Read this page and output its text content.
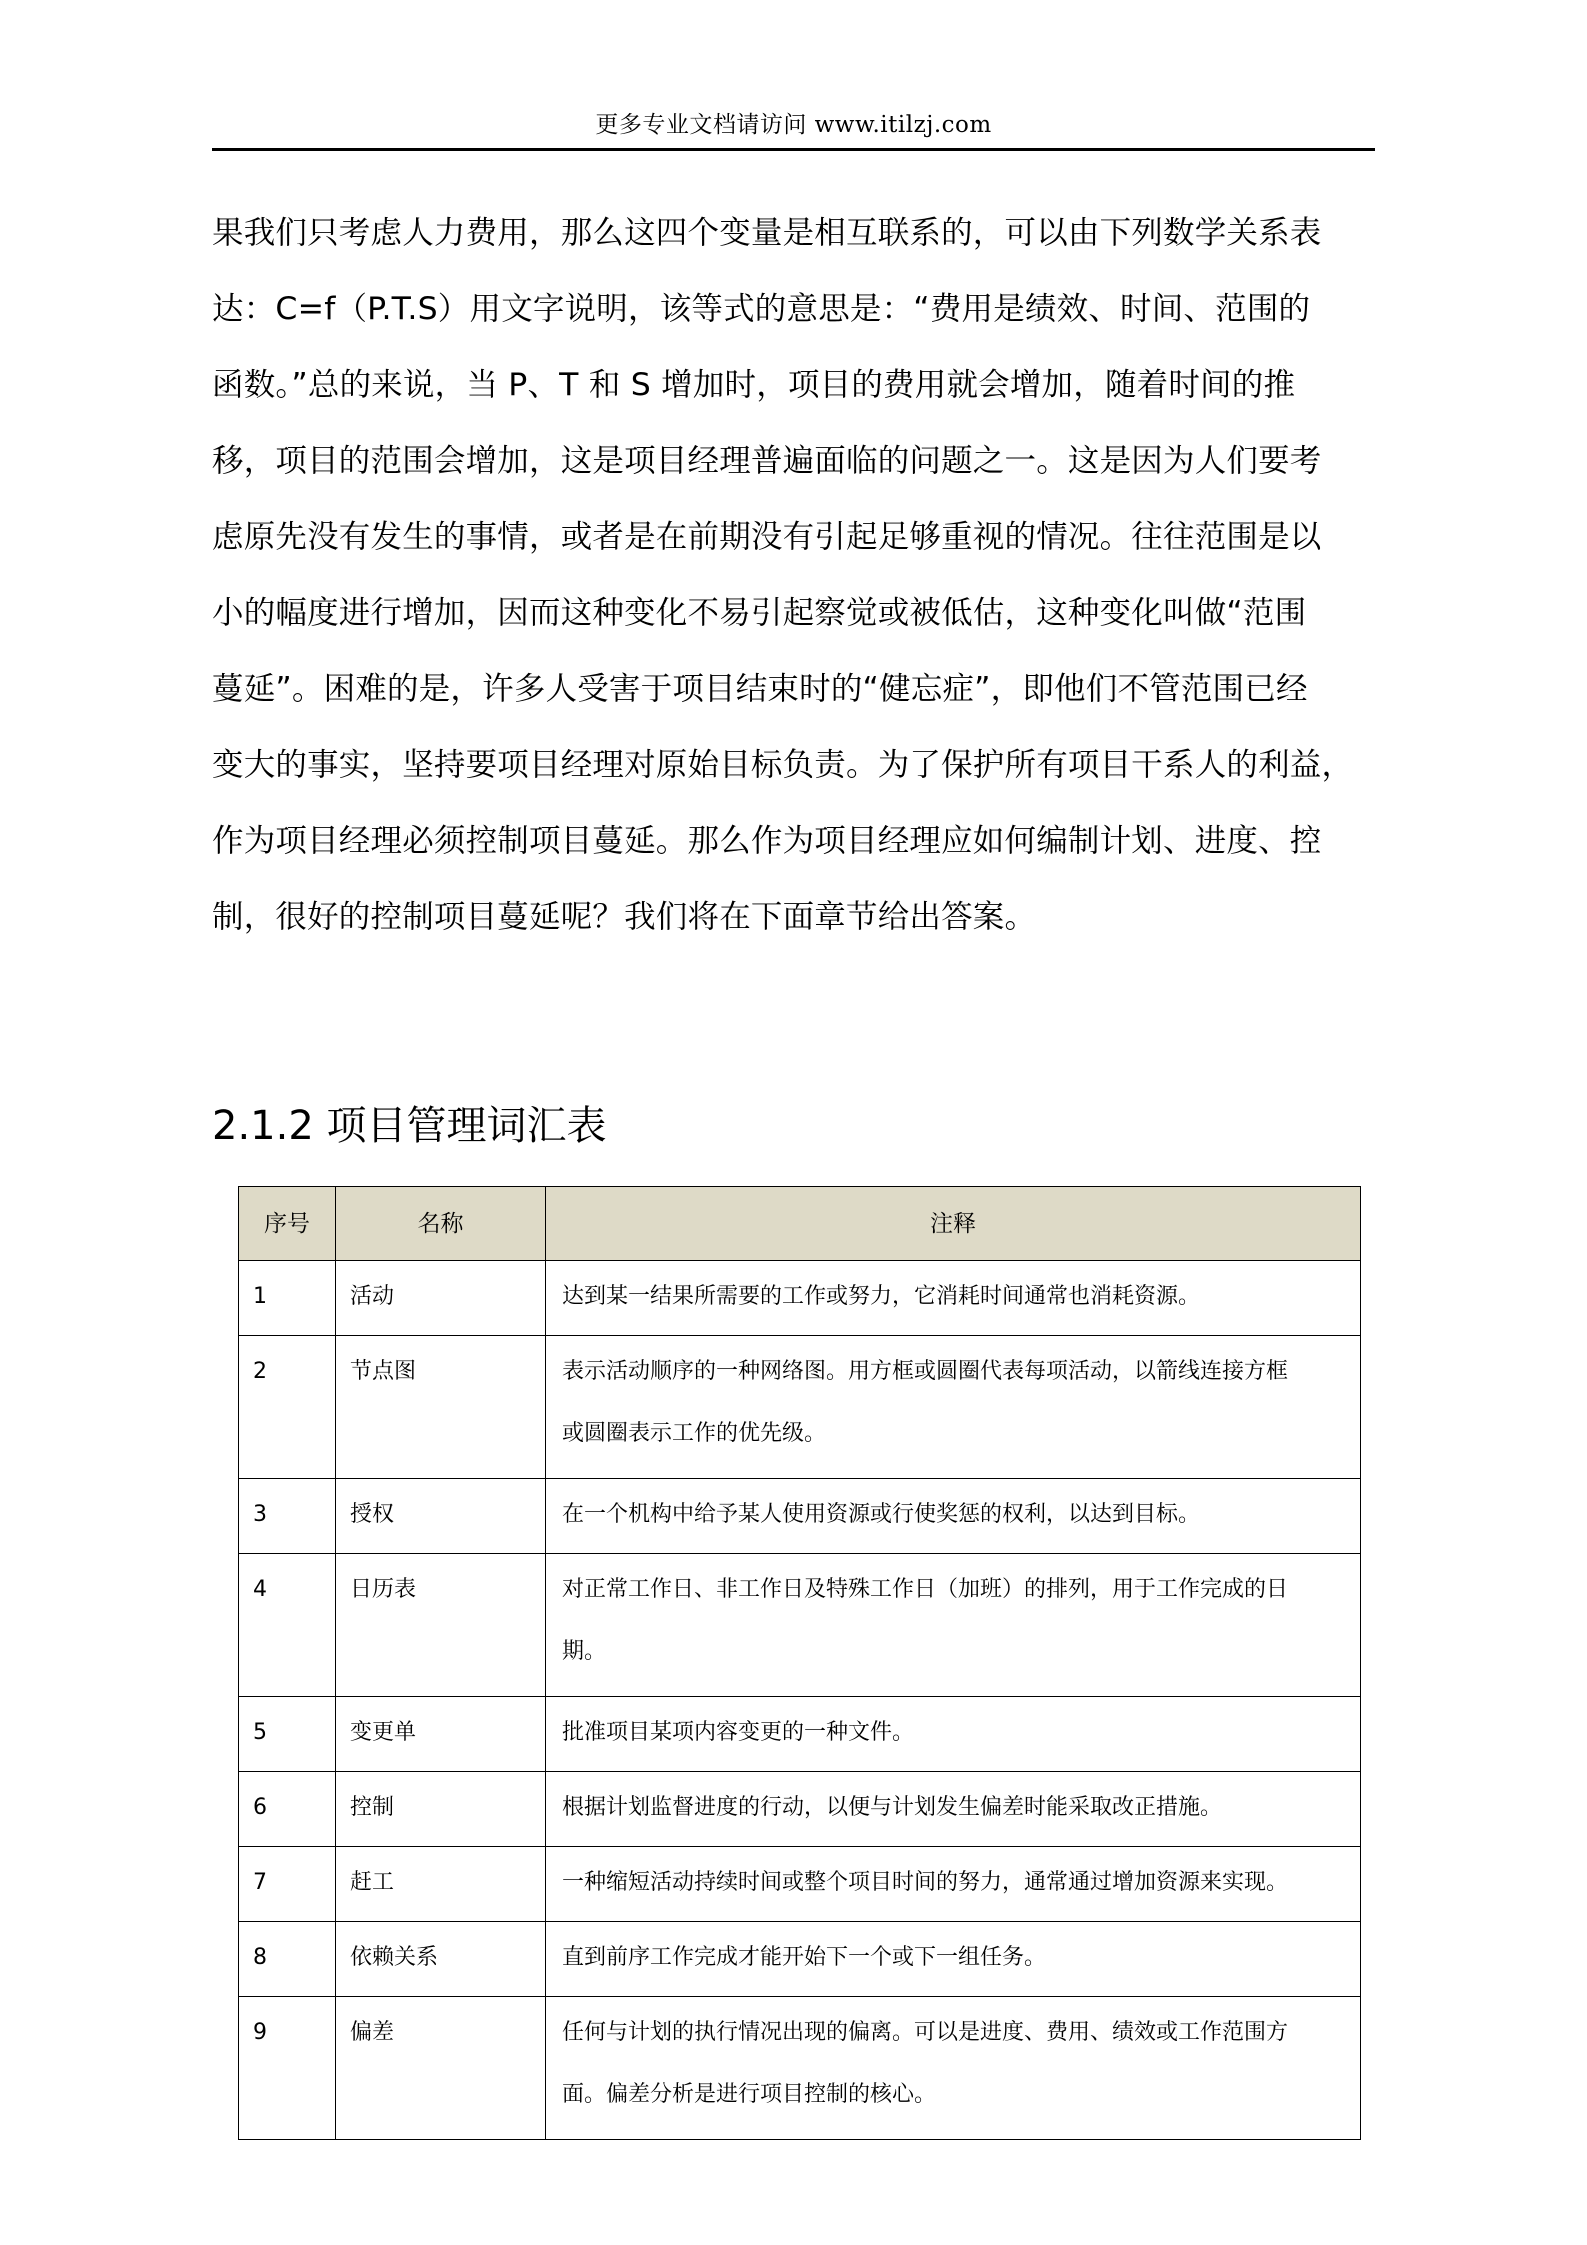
更多专业文档请访问 www.itilzj.com
果我们只考虑人力费用，那么这四个变量是相互联系的，可以由下列数学关系表
达：C=f（P.T.S）用文字说明，该等式的意思是：“费用是绩效、时间、范围的
函数。”总的来说，当 P、T 和 S 增加时，项目的费用就会增加，随着时间的推
移，项目的范围会增加，这是项目经理普遍面临的问题之一。这是因为人们要考
虑原先没有发生的事情，或者是在前期没有引起足够重视的情况。往往范围是以
小的幅度进行增加，因而这种变化不易引起察觉或被低估，这种变化叫做“范围
蔓延”。困难的是，许多人受害于项目结束时的“健忘症”，即他们不管范围已经
变大的事实，坚持要项目经理对原始目标负责。为了保护所有项目干系人的利益，
作为项目经理必须控制项目蔓延。那么作为项目经理应如何编制计划、进度、控
制，很好的控制项目蔓延呢？我们将在下面章节给出答案。
2.1.2 项目管理词汇表
序号	名称	注释
1	活动	达到某一结果所需要的工作或努力，它消耗时间通常也消耗资源。

2	节点图	表示活动顺序的一种网络图。用方框或圆圈代表每项活动，以箭线连接方框
或圆圈表示工作的优先级。

3	授权	在一个机构中给予某人使用资源或行使奖惩的权利，以达到目标。

4	日历表	对正常工作日、非工作日及特殊工作日（加班）的排列，用于工作完成的日
期。

5	变更单	批准项目某项内容变更的一种文件。

6	控制	根据计划监督进度的行动，以便与计划发生偏差时能采取改正措施。

7	赶工	一种缩短活动持续时间或整个项目时间的努力，通常通过增加资源来实现。

8	依赖关系	直到前序工作完成才能开始下一个或下一组任务。

9	偏差	任何与计划的执行情况出现的偏离。可以是进度、费用、绩效或工作范围方
面。偏差分析是进行项目控制的核心。
